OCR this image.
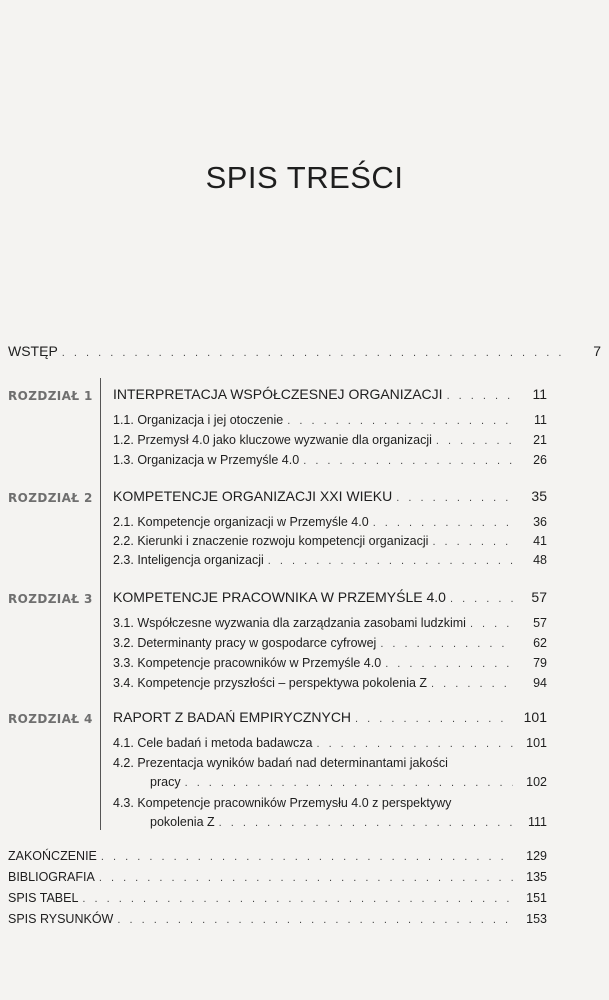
SPIS TREŚCI
WSTĘP . . .	7
ROZDZIAŁ 1 INTERPRETACJA WSPÓŁCZESNEJ ORGANIZACJI . . .	11
1.1. Organizacja i jej otoczenie . . .	11
1.2. Przemysł 4.0 jako kluczowe wyzwanie dla organizacji . . .	21
1.3. Organizacja w Przemyśle 4.0 . . .	26
ROZDZIAŁ 2 KOMPETENCJE ORGANIZACJI XXI WIEKU . . .	35
2.1. Kompetencje organizacji w Przemyśle 4.0 . . .	36
2.2. Kierunki i znaczenie rozwoju kompetencji organizacji . . .	41
2.3. Inteligencja organizacji . . .	48
ROZDZIAŁ 3 KOMPETENCJE PRACOWNIKA W PRZEMYŚLE 4.0 . . .	57
3.1. Współczesne wyzwania dla zarządzania zasobami ludzkimi . . .	57
3.2. Determinanty pracy w gospodarce cyfrowej . . .	62
3.3. Kompetencje pracowników w Przemyśle 4.0 . . .	79
3.4. Kompetencje przyszłości – perspektywa pokolenia Z . . .	94
ROZDZIAŁ 4 RAPORT Z BADAŃ EMPIRYCZNYCH . . .	101
4.1. Cele badań i metoda badawcza . . .	101
4.2. Prezentacja wyników badań nad determinantami jakości
pracy . . .	102
4.3. Kompetencje pracowników Przemysłu 4.0 z perspektywy
pokolenia Z . . .	111
ZAKOŃCZENIE . . .	129
BIBLIOGRAFIA . . .	135
SPIS TABEL . . .	151
SPIS RYSUNKÓW . . .	153
